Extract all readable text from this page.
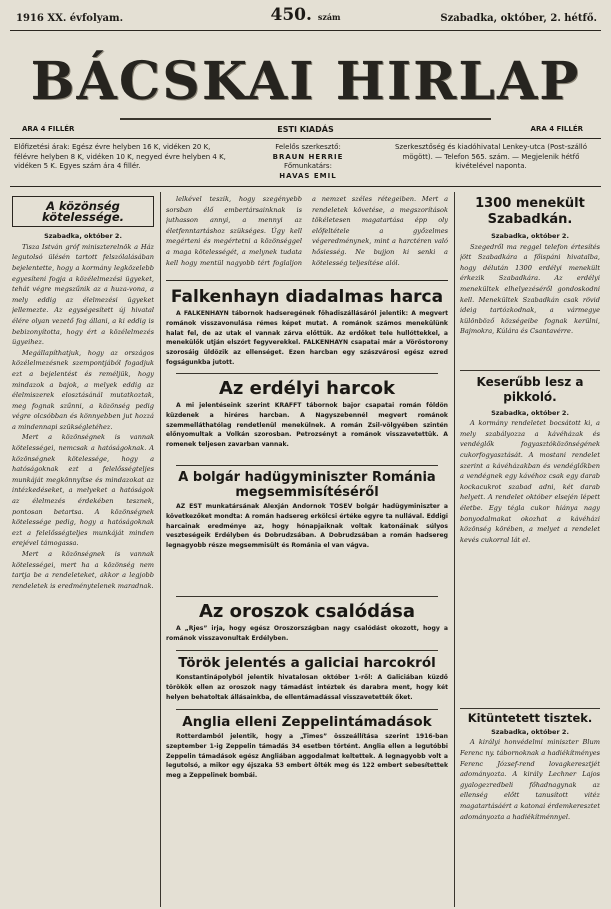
1916 XX. évfolyam.	450. szám	Szabadka, október, 2. hétfő.
BÁCSKAI HIRLAP
ARA 4 FILLÉR	ESTI KIADÁS	ARA 4 FILLÉR
Előfizetési árak: Egész évre helyben 16 K, vidéken 20 K, félévre helyben 8 K, vidéken 10 K, negyed évre helyben 4 K, vidéken 5 K. Egyes szám ára 4 fillér.
Felelős szerkesztő:
BRAUN HERRIE
Főmunkatárs:
HAVAS EMIL
Szerkesztőség és kiadóhivatal Lenkey-utca (Post-szálló mögött). — Telefon 565. szám. — Megjelenik hétfő kivételével naponta.
A közönség kötelessége.
Szabadka, október 2.

Tisza István gróf miniszterelnök a Ház legutolsó ülésén tartott felszólalásában bejelentette, hogy a kormány legközelebb egyesíteni fogja a közélelmezési ügyeket, tehát végre megszűnik az a huza-vona, a mely eddig az élelmezési ügyeket jellemezte. Az egységesített új hivatal élére olyan vezető fog állani, a ki eddig is bebizonyította, hogy ért a közélelmezés ügyeihez.

Megállapíthatjuk, hogy az országos közélelmezésnek szempontjából fogadjuk ezt a bejelentést és reméljük, hogy mindazok a bajok, a melyek eddig az élelmiszerek elosztásánál mutatkoztak, meg fognak szűnni, a közönség pedig végre olcsóbban és könnyebben jut hozzá a mindennapi szükségletéhez.

Mert a közönségnek is vannak kötelességei, nemcsak a hatóságoknak. A közönségnek kötelessége, hogy a hatóságoknak ezt a felelősségteljes munkáját megkönnyítse és mindazokat az intézkedéseket, a melyeket a hatóságok az élelmezés érdekében tesznek, pontosan betartsa. A közönségnek kötelessége pedig, hogy a hatóságoknak ezt a felelősségteljes munkáját minden erejével támogassa.

Mert a közönségnek is vannak kötelességei, mert ha a közönség nem tartja be a rendeleteket, akkor a legjobb rendeletek is eredménytelenek maradnak.

lelkével teszik, hogy szegényebb sorsban élő embertársainknak is juthasson annyi, a mennyi az életfenntartáshoz szükséges. Úgy kell megérteni és megértetni a közönséggel a maga kötelességét, a melynek tudata kell hogy mentül nagyobb tért foglaljon a nemzet széles rétegeiben. Mert a rendeletek követése, a megszorítások tökéletesen magatartása épp oly előfeltétele a győzelmes végeredménynek, mint a harctéren való hősiesség. Ne bujjon ki senki a kötelesség teljesítése alól.

Falkenhayn diadalmas harca

A FALKENHAYN tábornok hadseregének főhadiszállásáról jelentik: A megvert románok visszavonulása rémes képet mutat. A románok számos menekülünk halat fel, de az utak el vannak zárva előttük. Az erdőket tele hullóttekkel, a menekülők utján elszórt fegyverekkel. FALKENHAYN csapatai már a Vöröstorony szorosáig üldözik az ellenséget. Ezen harcban egy szászvárosi egész ezred fogságunkba jutott.

Az erdélyi harcok

A mi jelentéseink szerint KRAFFT tábornok bajor csapatai román földön küzdenek a hiréres harcban. A Nagyszebennél megvert románok szemmelláthatólag rendetlenül menekülnek. A román Zsil-völgyében szintén előnyomultak a Volkán szorosban. Petrozsényt a románok visszavetettük. A romenek teljesen zavarban vannak.

A bolgár hadügyminiszter Románia megsemmisítéséről

AZ EST munkatársának Alexján Andornok TOSEV bolgár hadügyminiszter a következőket mondta: A román hadsereg erkölcsi értéke egyre ta nullával. Eddigi harcainak eredménye az, hogy hónapjaiknak voltak katonáinak súlyos veszteségeik Erdélyben és Dobrudzsában. A Dobrudzsában a román hadsereg legnagyobb része megsemmisült és Románia el van vágva.

Az oroszok csalódása

A „Rjes” irja, hogy egész Oroszországban nagy csalódást okozott, hogy a románok visszavonultak Erdélyben.

Török jelentés a galiciai harcokról

Konstantinápolyból jelentik hivatalosan október 1-ről: A Galiciában küzdő törökök ellen az oroszok nagy támadást intéztek és darabra ment, hogy két helyen behatoltak állásainkba, de ellentámadással visszavetették őket.

Anglia elleni Zeppelintámadások

Rotterdamból jelentik, hogy a „Times” összeállítása szerint 1916-ban szeptember 1-ig Zeppelin támadás 34 esetben történt. Anglia ellen a legutóbbi Zeppelin támadások egész Angliában aggodalmat keltettek. A legnagyobb volt a legutolsó, a mikor egy éjszaka 53 embert ölték meg és 122 embert sebesítettek meg a Zeppelinek bombái.

1300 menekült Szabadkán.
Szabadka, október 2.

Szegedről ma reggel telefon értesítés jött Szabadkára a főispáni hivatalba, hogy délután 1300 erdélyi menekült érkezik Szabadkára. Az erdélyi menekültek elhelyezéséről gondoskodni kell. Menekültek Szabadkán csak rövid ideig tartózkodnak, a vármegye különböző községeibe fognak kerülni, Bajmokra, Kúlára és Csantavérre.

Keserűbb lesz a pikkoló.
Szabadka, október 2.

A kormány rendeletet bocsátott ki, a mely szabályozza a kávéházak és vendéglők fogyasztóközönségének cukorfogyasztását. A mostani rendelet szerint a kávéházakban és vendéglőkben a vendégnek egy kávéhoz csak egy darab kockacukrot szabad adni, két darab helyett. A rendelet október elsején lépett életbe. Egy tégla cukor hiánya nagy bonyodalmakat okozhat a kávéházi közönség körében, a melyet a rendelet kevés cukorral lát el.

Kitüntetett tisztek.
Szabadka, október 2.

A királyi honvédelmi miniszter Blum Ferenc ny. tábornoknak a hadiékítményes Ferenc József-rend lovagkeresztjét adományozta. A király Lechner Lajos gyalogezredbeli főhadnagynak az ellenség előtt tanusított vitéz magatartásáért a katonai érdemkeresztet adományozta a hadiékítménnyel.
